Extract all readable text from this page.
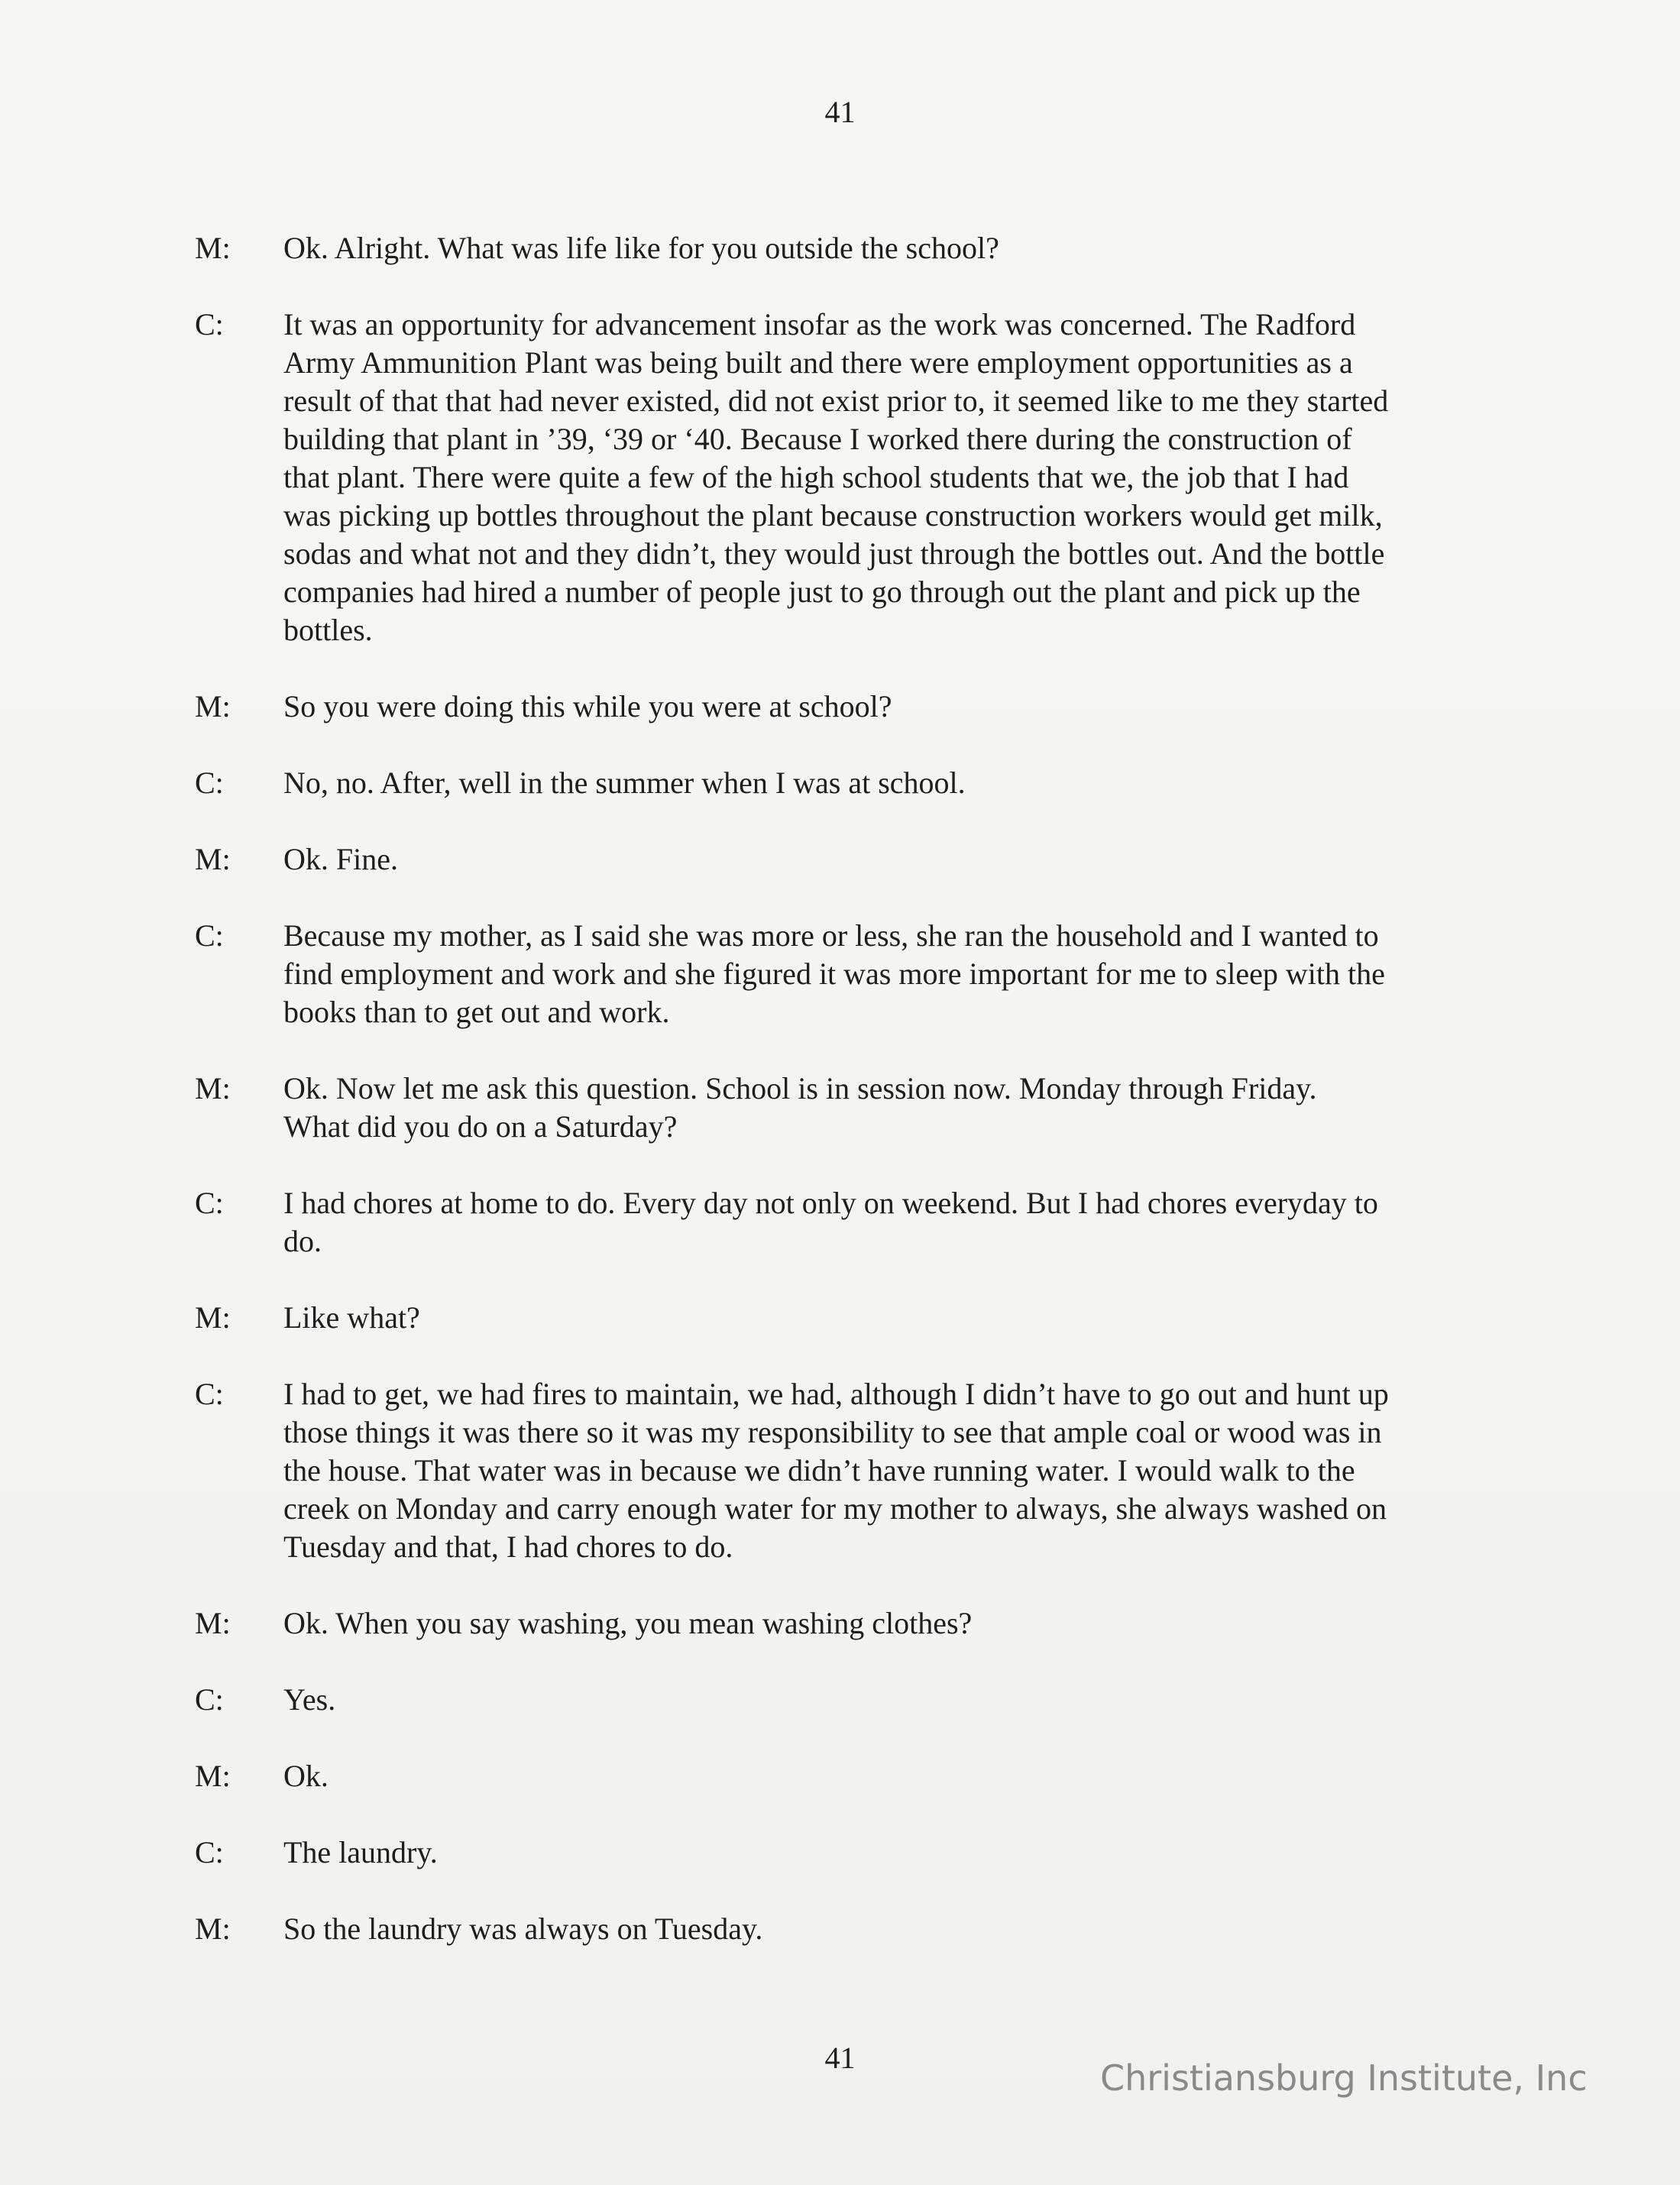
41
M:	Ok. Alright. What was life like for you outside the school?
C:	It was an opportunity for advancement insofar as the work was concerned. The Radford
Army Ammunition Plant was being built and there were employment opportunities as a
result of that that had never existed, did not exist prior to, it seemed like to me they started
building that plant in ’39, ‘39 or ‘40. Because I worked there during the construction of
that plant. There were quite a few of the high school students that we, the job that I had
was picking up bottles throughout the plant because construction workers would get milk,
sodas and what not and they didn’t, they would just through the bottles out. And the bottle
companies had hired a number of people just to go through out the plant and pick up the
bottles.
M:	So you were doing this while you were at school?
C:	No, no. After, well in the summer when I was at school.
M:	Ok. Fine.
C:	Because my mother, as I said she was more or less, she ran the household and I wanted to
find employment and work and she figured it was more important for me to sleep with the
books than to get out and work.
M:	Ok. Now let me ask this question. School is in session now. Monday through Friday.
What did you do on a Saturday?
C:	I had chores at home to do. Every day not only on weekend. But I had chores everyday to
do.
M:	Like what?
C:	I had to get, we had fires to maintain, we had, although I didn’t have to go out and hunt up
those things it was there so it was my responsibility to see that ample coal or wood was in
the house. That water was in because we didn’t have running water. I would walk to the
creek on Monday and carry enough water for my mother to always, she always washed on
Tuesday and that, I had chores to do.
M:	Ok. When you say washing, you mean washing clothes?
C:	Yes.
M:	Ok.
C:	The laundry.
M:	So the laundry was always on Tuesday.
41	Christiansburg Institute, Inc
